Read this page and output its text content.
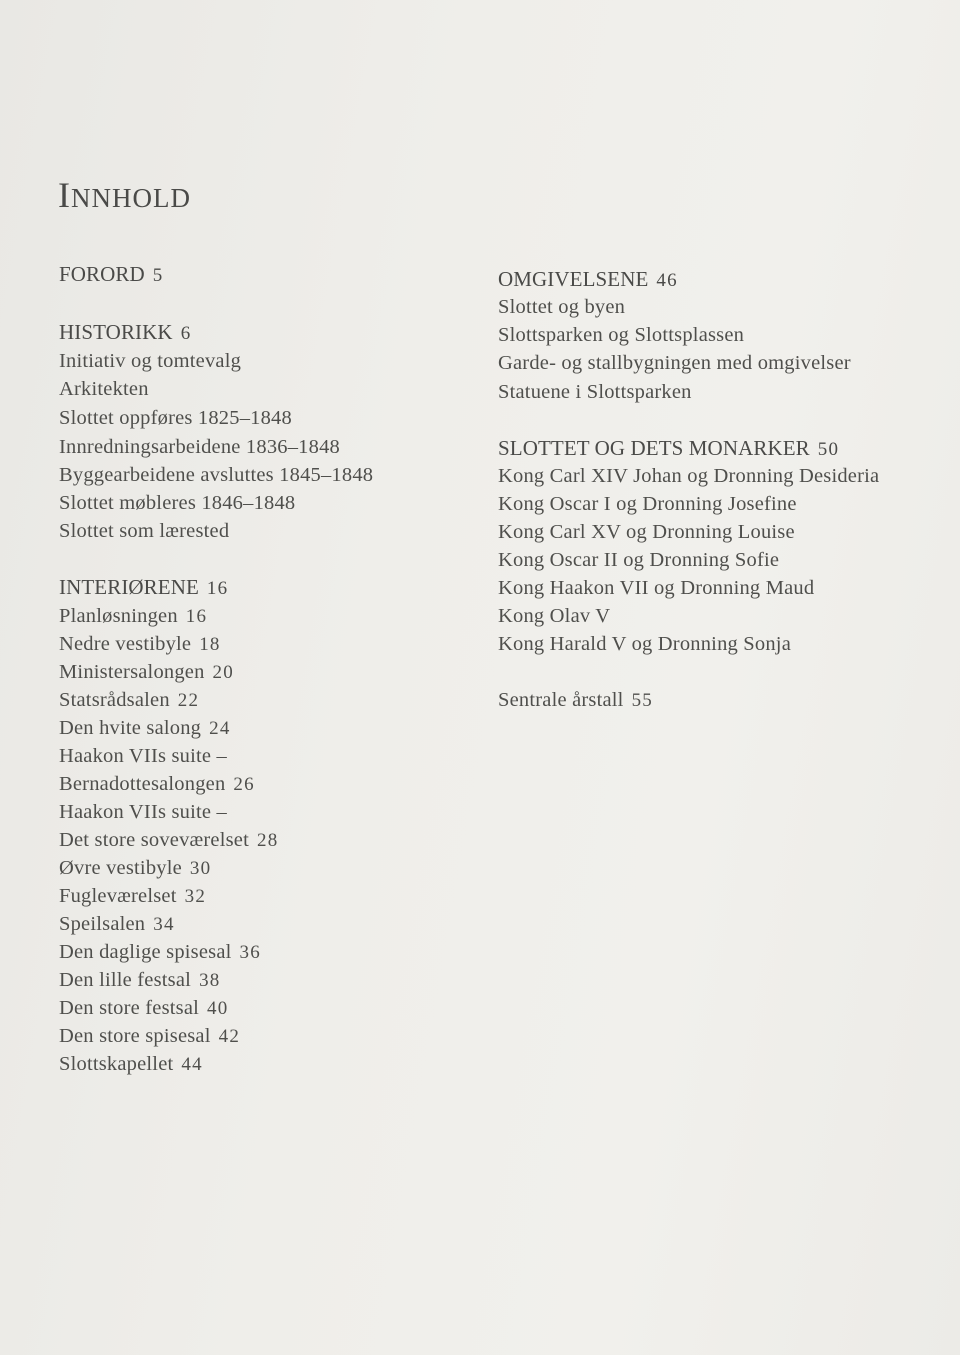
INNHOLD
FORORD 5
HISTORIKK 6
Initiativ og tomtevalg
Arkitekten
Slottet oppføres 1825–1848
Innredningsarbeidene 1836–1848
Byggearbeidene avsluttes 1845–1848
Slottet møbleres 1846–1848
Slottet som lærested
INTERIØRENE 16
Planløsningen 16
Nedre vestibyle 18
Ministersalongen 20
Statsrådsalen 22
Den hvite salong 24
Haakon VIIs suite –
Bernadottesalongen 26
Haakon VIIs suite –
Det store soveværelset 28
Øvre vestibyle 30
Fugleværelset 32
Speilsalen 34
Den daglige spisesal 36
Den lille festsal 38
Den store festsal 40
Den store spisesal 42
Slottskapellet 44
OMGIVELSENE 46
Slottet og byen
Slottsparken og Slottsplassen
Garde- og stallbygningen med omgivelser
Statuene i Slottsparken
SLOTTET OG DETS MONARKER 50
Kong Carl XIV Johan og Dronning Desideria
Kong Oscar I og Dronning Josefine
Kong Carl XV og Dronning Louise
Kong Oscar II og Dronning Sofie
Kong Haakon VII og Dronning Maud
Kong Olav V
Kong Harald V og Dronning Sonja
Sentrale årstall 55
